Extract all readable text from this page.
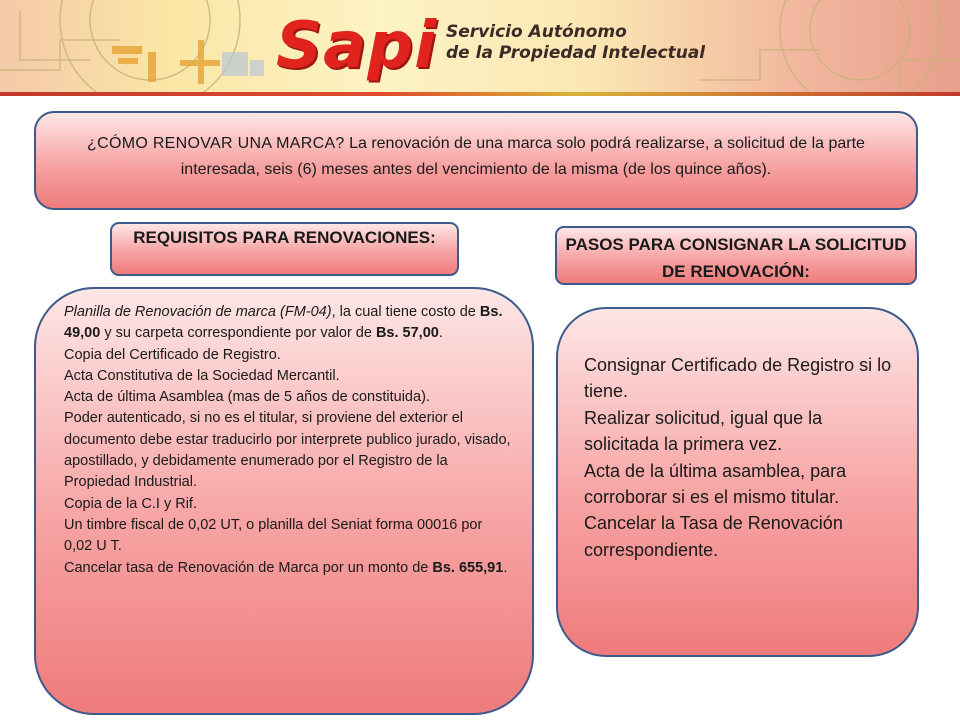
Sapi Servicio Autónomo
de la Propiedad Intelectual
¿CÓMO RENOVAR UNA MARCA? La renovación de una marca solo podrá realizarse, a solicitud de la parte interesada, seis (6) meses antes del vencimiento de la misma (de los quince años).
REQUISITOS PARA RENOVACIONES:	PASOS PARA CONSIGNAR LA SOLICITUD DE RENOVACIÓN:

Planilla de Renovación de marca (FM-04), la cual tiene costo de Bs. 49,00 y su carpeta correspondiente por valor de Bs. 57,00.

Copia del Certificado de Registro.

Acta Constitutiva de la Sociedad Mercantil.

Acta de última Asamblea (mas de 5 años de constituida).

Poder autenticado, si no es el titular, si proviene del exterior el documento debe estar traducirlo por interprete publico jurado, visado, apostillado, y debidamente enumerado por el Registro de la Propiedad Industrial.

Copia de la C.I y Rif.

Un timbre fiscal de 0,02 UT, o planilla del Seniat forma 00016 por 0,02 U T.

Cancelar tasa de Renovación de Marca por un monto de Bs. 655,91.

Consignar Certificado de Registro si lo tiene.

Realizar solicitud, igual que la solicitada la primera vez.

Acta de la última asamblea, para corroborar si es el mismo titular.

Cancelar la Tasa de Renovación correspondiente.
